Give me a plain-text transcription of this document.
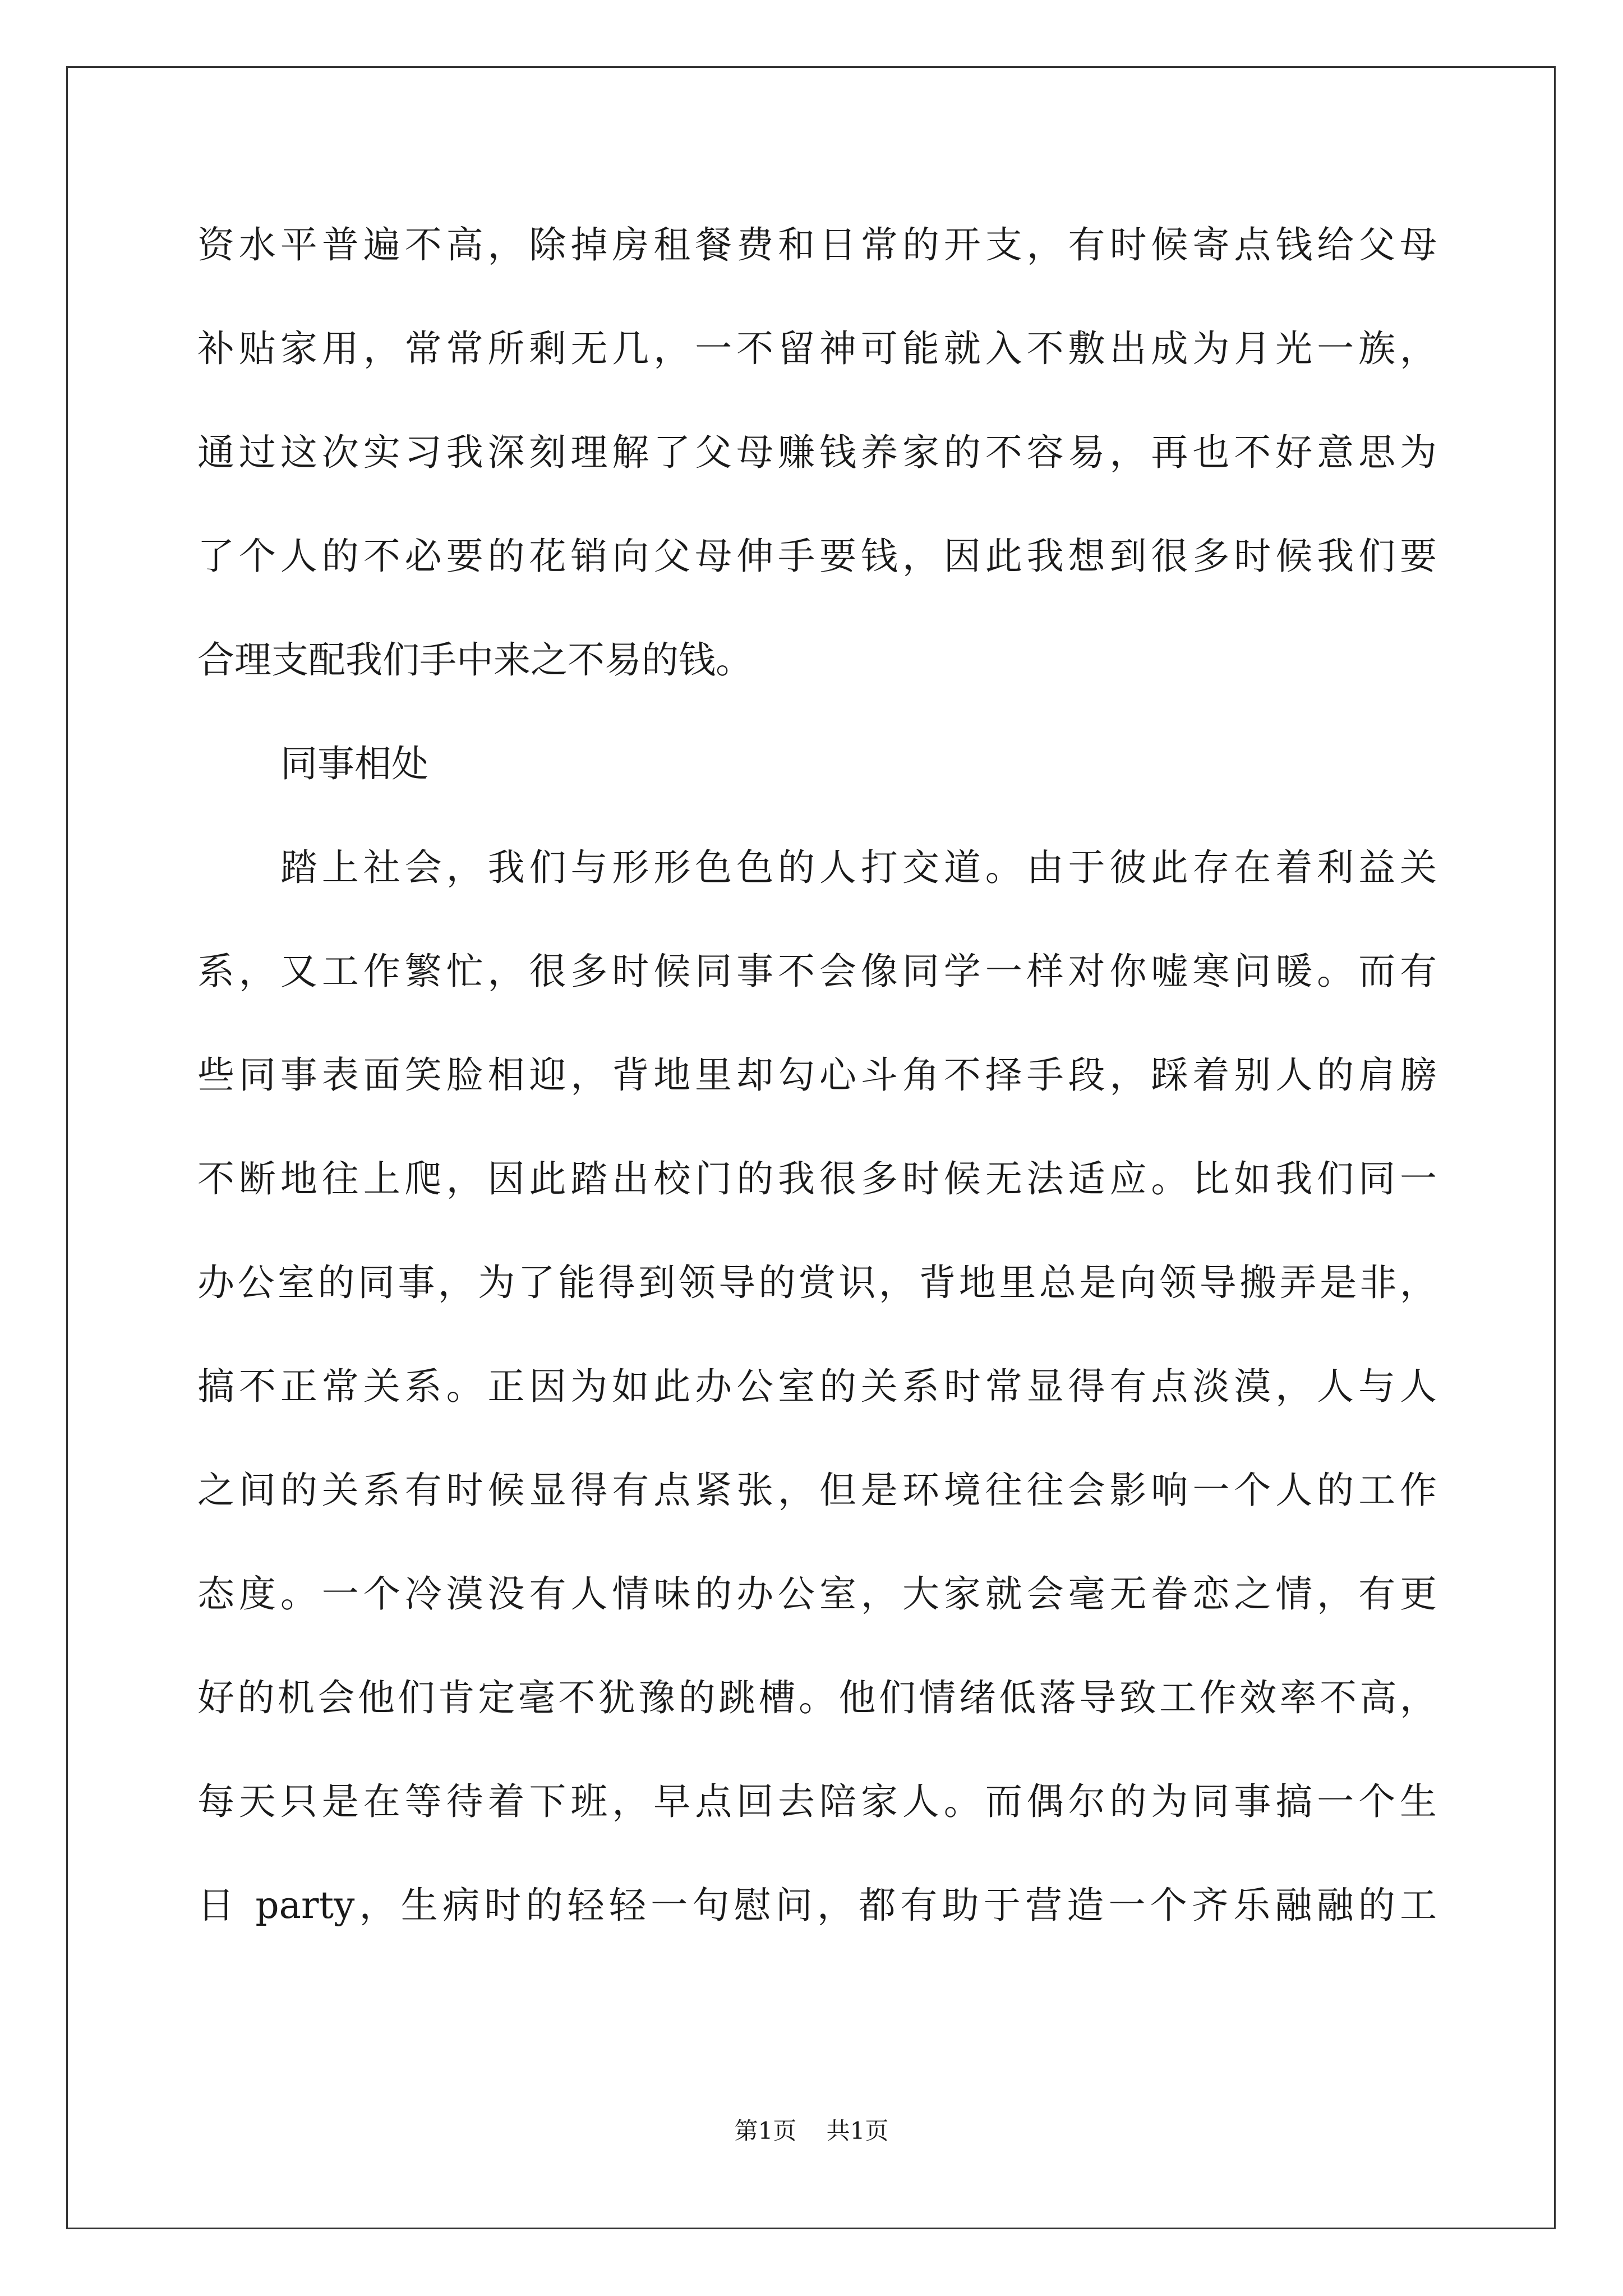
资水平普遍不高，除掉房租餐费和日常的开支，有时候寄点钱给父母
补贴家用，常常所剩无几，一不留神可能就入不敷出成为月光一族，
通过这次实习我深刻理解了父母赚钱养家的不容易，再也不好意思为
了个人的不必要的花销向父母伸手要钱，因此我想到很多时候我们要
合理支配我们手中来之不易的钱。
同事相处
踏上社会，我们与形形色色的人打交道。由于彼此存在着利益关
系，又工作繁忙，很多时候同事不会像同学一样对你嘘寒问暖。而有
些同事表面笑脸相迎，背地里却勾心斗角不择手段，踩着别人的肩膀
不断地往上爬，因此踏出校门的我很多时候无法适应。比如我们同一
办公室的同事，为了能得到领导的赏识，背地里总是向领导搬弄是非，
搞不正常关系。正因为如此办公室的关系时常显得有点淡漠，人与人
之间的关系有时候显得有点紧张，但是环境往往会影响一个人的工作
态度。一个冷漠没有人情味的办公室，大家就会毫无眷恋之情，有更
好的机会他们肯定毫不犹豫的跳槽。他们情绪低落导致工作效率不高，
每天只是在等待着下班，早点回去陪家人。而偶尔的为同事搞一个生
日 party，生病时的轻轻一句慰问，都有助于营造一个齐乐融融的工
第1页    共1页
